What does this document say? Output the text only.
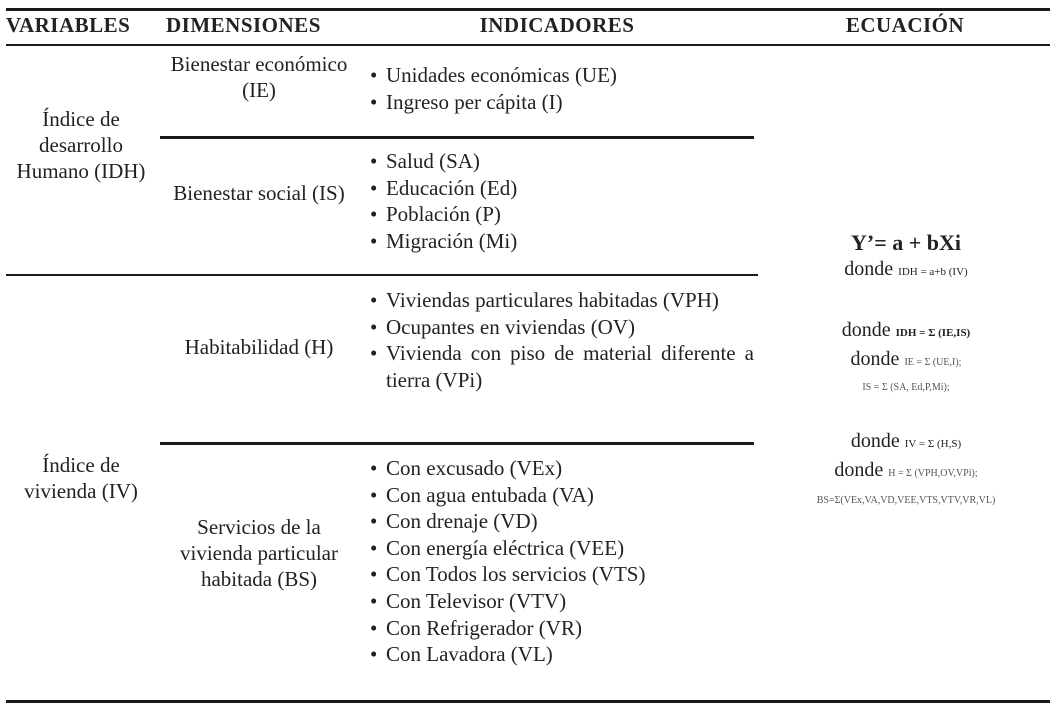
VARIABLES DIMENSIONES	INDICADORES	ECUACIÓN
Índice de desarrollo Humano (IDH)
Índice de vivienda (IV)
Bienestar económico (IE)
• Unidades económicas (UE)
• Ingreso per cápita (I)
Bienestar social (IS)
• Salud (SA)
• Educación (Ed)
• Población (P)
• Migración (Mi)
Habitabilidad (H)
• Viviendas particulares habitadas (VPH)
• Ocupantes en viviendas (OV)
• Vivienda con piso de material diferente a tierra (VPi)
Servicios de la vivienda particular habitada (BS)
• Con excusado (VEx)
• Con agua entubada (VA)
• Con drenaje (VD)
• Con energía eléctrica (VEE)
• Con Todos los servicios (VTS)
• Con Televisor (VTV)
• Con Refrigerador (VR)
• Con Lavadora (VL)
Y’= a + bXi
donde IDH = a+b (IV)
donde IDH = Σ (IE,IS)
donde IE = Σ (UE,I);
IS = Σ (SA, Ed,P,Mi);
donde IV = Σ (H,S)
donde H = Σ (VPH,OV,VPi);
BS=Σ(VEx,VA,VD,VEE,VTS,VTV,VR,VL)
